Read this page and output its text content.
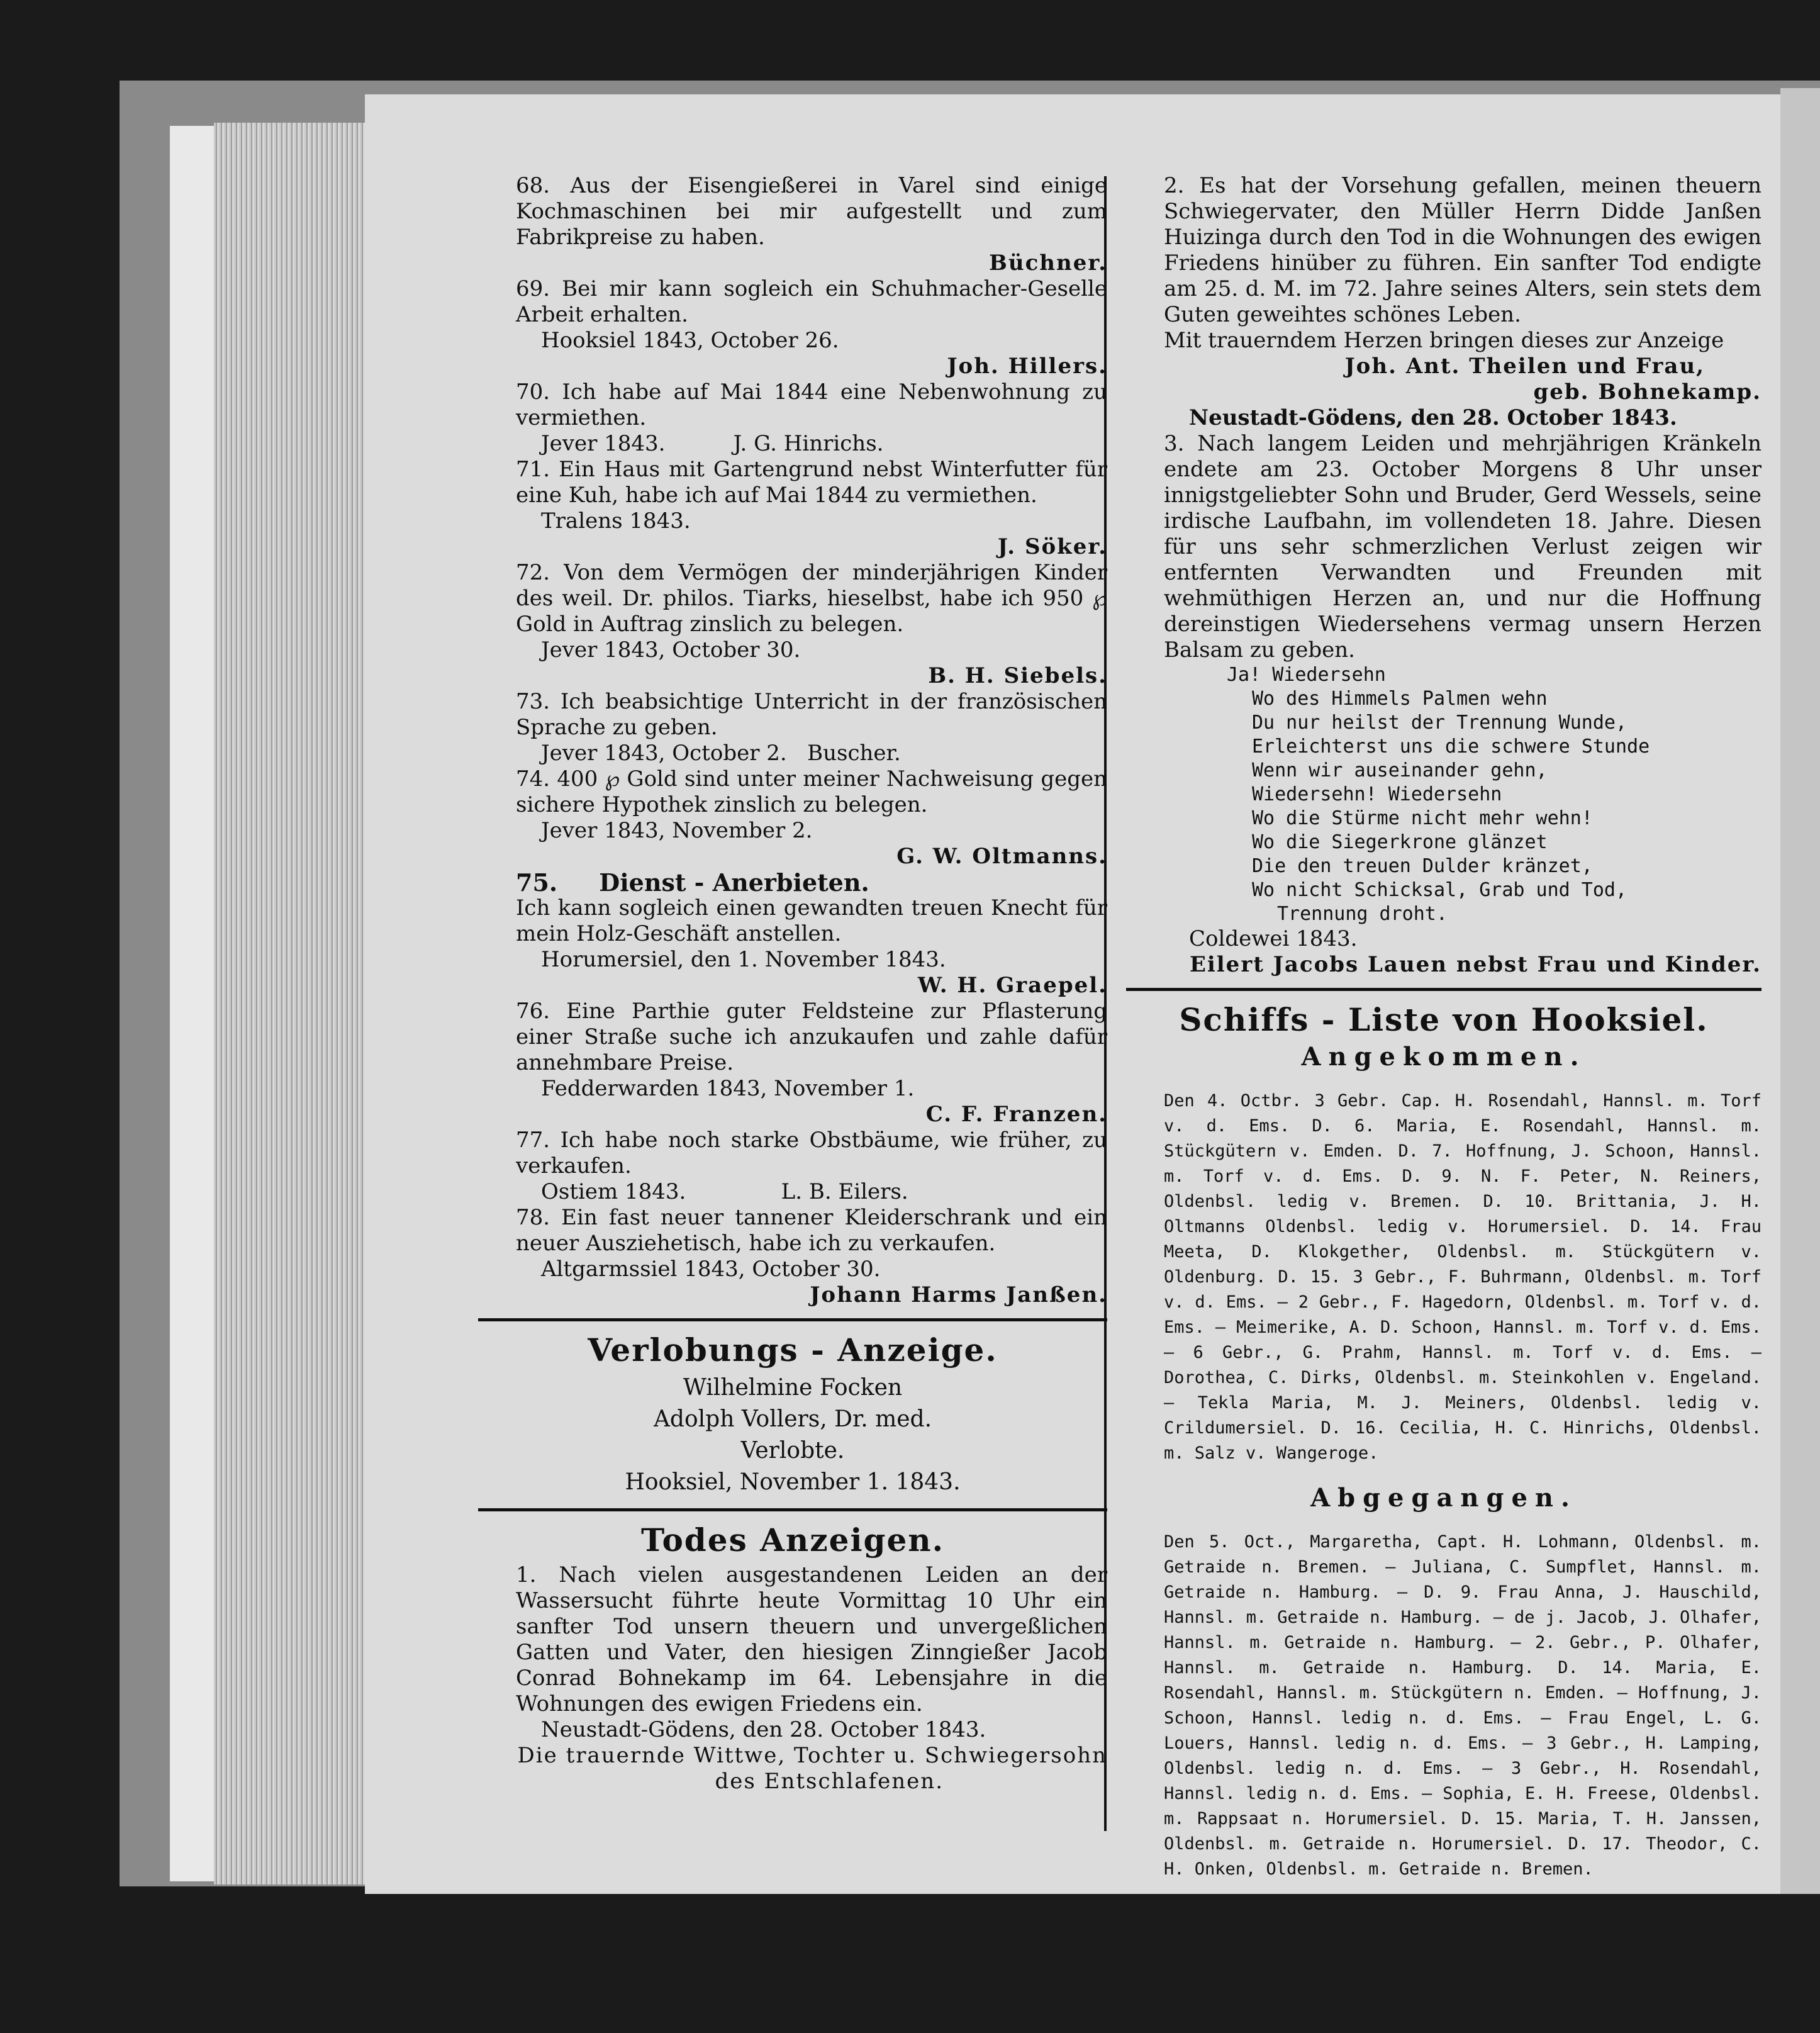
68. Aus der Eisengießerei in Varel sind einige Kochmaschinen bei mir aufgestellt und zum Fabrikpreise zu haben.

Büchner.

69. Bei mir kann sogleich ein Schuhmacher-Geselle Arbeit erhalten.

Hooksiel 1843, October 26.
Joh. Hillers.

70. Ich habe auf Mai 1844 eine Nebenwohnung zu vermiethen.

Jever 1843.          J. G. Hinrichs.

71. Ein Haus mit Gartengrund nebst Winterfutter für eine Kuh, habe ich auf Mai 1844 zu vermiethen.

Tralens 1843.
J. Söker.

72. Von dem Vermögen der minderjährigen Kinder des weil. Dr. philos. Tiarks, hieselbst, habe ich 950 ℘ Gold in Auftrag zinslich zu belegen.

Jever 1843, October 30.
B. H. Siebels.

73. Ich beabsichtige Unterricht in der französischen Sprache zu geben.

Jever 1843, October 2.   Buscher.

74. 400 ℘ Gold sind unter meiner Nachweisung gegen sichere Hypothek zinslich zu belegen.

Jever 1843, November 2.
G. W. Oltmanns.
75.     Dienst - Anerbieten.

Ich kann sogleich einen gewandten treuen Knecht für mein Holz-Geschäft anstellen.

Horumersiel, den 1. November 1843.
W. H. Graepel.

76. Eine Parthie guter Feldsteine zur Pflasterung einer Straße suche ich anzukaufen und zahle dafür annehmbare Preise.

Fedderwarden 1843, November 1.
C. F. Franzen.

77. Ich habe noch starke Obstbäume, wie früher, zu verkaufen.

Ostiem 1843.              L. B. Eilers.

78. Ein fast neuer tannener Kleiderschrank und ein neuer Ausziehetisch, habe ich zu verkaufen.

Altgarmssiel 1843, October 30.
Johann Harms Janßen.
Verlobungs - Anzeige.
Wilhelmine Focken
Adolph Vollers, Dr. med.
Verlobte.
Hooksiel, November 1. 1843.
Todes Anzeigen.

1. Nach vielen ausgestandenen Leiden an der Wassersucht führte heute Vormittag 10 Uhr ein sanfter Tod unsern theuern und unvergeßlichen Gatten und Vater, den hiesigen Zinngießer Jacob Conrad Bohnekamp im 64. Lebensjahre in die Wohnungen des ewigen Friedens ein.

Neustadt-Gödens, den 28. October 1843.
Die trauernde Wittwe, Tochter u. Schwiegersohn
des Entschlafenen.

2. Es hat der Vorsehung gefallen, meinen theuern Schwiegervater, den Müller Herrn Didde Janßen Huizinga durch den Tod in die Wohnungen des ewigen Friedens hinüber zu führen. Ein sanfter Tod endigte am 25. d. M. im 72. Jahre seines Alters, sein stets dem Guten geweihtes schönes Leben.

Mit trauerndem Herzen bringen dieses zur Anzeige

Joh. Ant. Theilen und Frau,
geb. Bohnekamp.
Neustadt-Gödens, den 28. October 1843.

3. Nach langem Leiden und mehrjährigen Kränkeln endete am 23. October Morgens 8 Uhr unser innigstgeliebter Sohn und Bruder, Gerd Wessels, seine irdische Laufbahn, im vollendeten 18. Jahre. Diesen für uns sehr schmerzlichen Verlust zeigen wir entfernten Verwandten und Freunden mit wehmüthigen Herzen an, und nur die Hoffnung dereinstigen Wiedersehens vermag unsern Herzen Balsam zu geben.

Ja! Wiedersehn
Wo des Himmels Palmen wehn
Du nur heilst der Trennung Wunde,
Erleichterst uns die schwere Stunde
Wenn wir auseinander gehn,
Wiedersehn! Wiedersehn
Wo die Stürme nicht mehr wehn!
Wo die Siegerkrone glänzet
Die den treuen Dulder kränzet,
Wo nicht Schicksal, Grab und Tod,
Trennung droht.
Coldewei 1843.
Eilert Jacobs Lauen nebst Frau und Kinder.
Schiffs - Liste von Hooksiel.
Angekommen.

Den 4. Octbr. 3 Gebr. Cap. H. Rosendahl, Hannsl. m. Torf v. d. Ems. D. 6. Maria, E. Rosendahl, Hannsl. m. Stückgütern v. Emden. D. 7. Hoffnung, J. Schoon, Hannsl. m. Torf v. d. Ems. D. 9. N. F. Peter, N. Reiners, Oldenbsl. ledig v. Bremen. D. 10. Brittania, J. H. Oltmanns Oldenbsl. ledig v. Horumersiel. D. 14. Frau Meeta, D. Klokgether, Oldenbsl. m. Stückgütern v. Oldenburg. D. 15. 3 Gebr., F. Buhrmann, Oldenbsl. m. Torf v. d. Ems. — 2 Gebr., F. Hagedorn, Oldenbsl. m. Torf v. d. Ems. — Meimerike, A. D. Schoon, Hannsl. m. Torf v. d. Ems. — 6 Gebr., G. Prahm, Hannsl. m. Torf v. d. Ems. — Dorothea, C. Dirks, Oldenbsl. m. Steinkohlen v. Engeland. — Tekla Maria, M. J. Meiners, Oldenbsl. ledig v. Crildumersiel. D. 16. Cecilia, H. C. Hinrichs, Oldenbsl. m. Salz v. Wangeroge.

Abgegangen.

Den 5. Oct., Margaretha, Capt. H. Lohmann, Oldenbsl. m. Getraide n. Bremen. — Juliana, C. Sumpflet, Hannsl. m. Getraide n. Hamburg. — D. 9. Frau Anna, J. Hauschild, Hannsl. m. Getraide n. Hamburg. — de j. Jacob, J. Olhafer, Hannsl. m. Getraide n. Hamburg. — 2. Gebr., P. Olhafer, Hannsl. m. Getraide n. Hamburg. D. 14. Maria, E. Rosendahl, Hannsl. m. Stückgütern n. Emden. — Hoffnung, J. Schoon, Hannsl. ledig n. d. Ems. — Frau Engel, L. G. Louers, Hannsl. ledig n. d. Ems. — 3 Gebr., H. Lamping, Oldenbsl. ledig n. d. Ems. — 3 Gebr., H. Rosendahl, Hannsl. ledig n. d. Ems. — Sophia, E. H. Freese, Oldenbsl. m. Rappsaat n. Horumersiel. D. 15. Maria, T. H. Janssen, Oldenbsl. m. Getraide n. Horumersiel. D. 17. Theodor, C. H. Onken, Oldenbsl. m. Getraide n. Bremen.
